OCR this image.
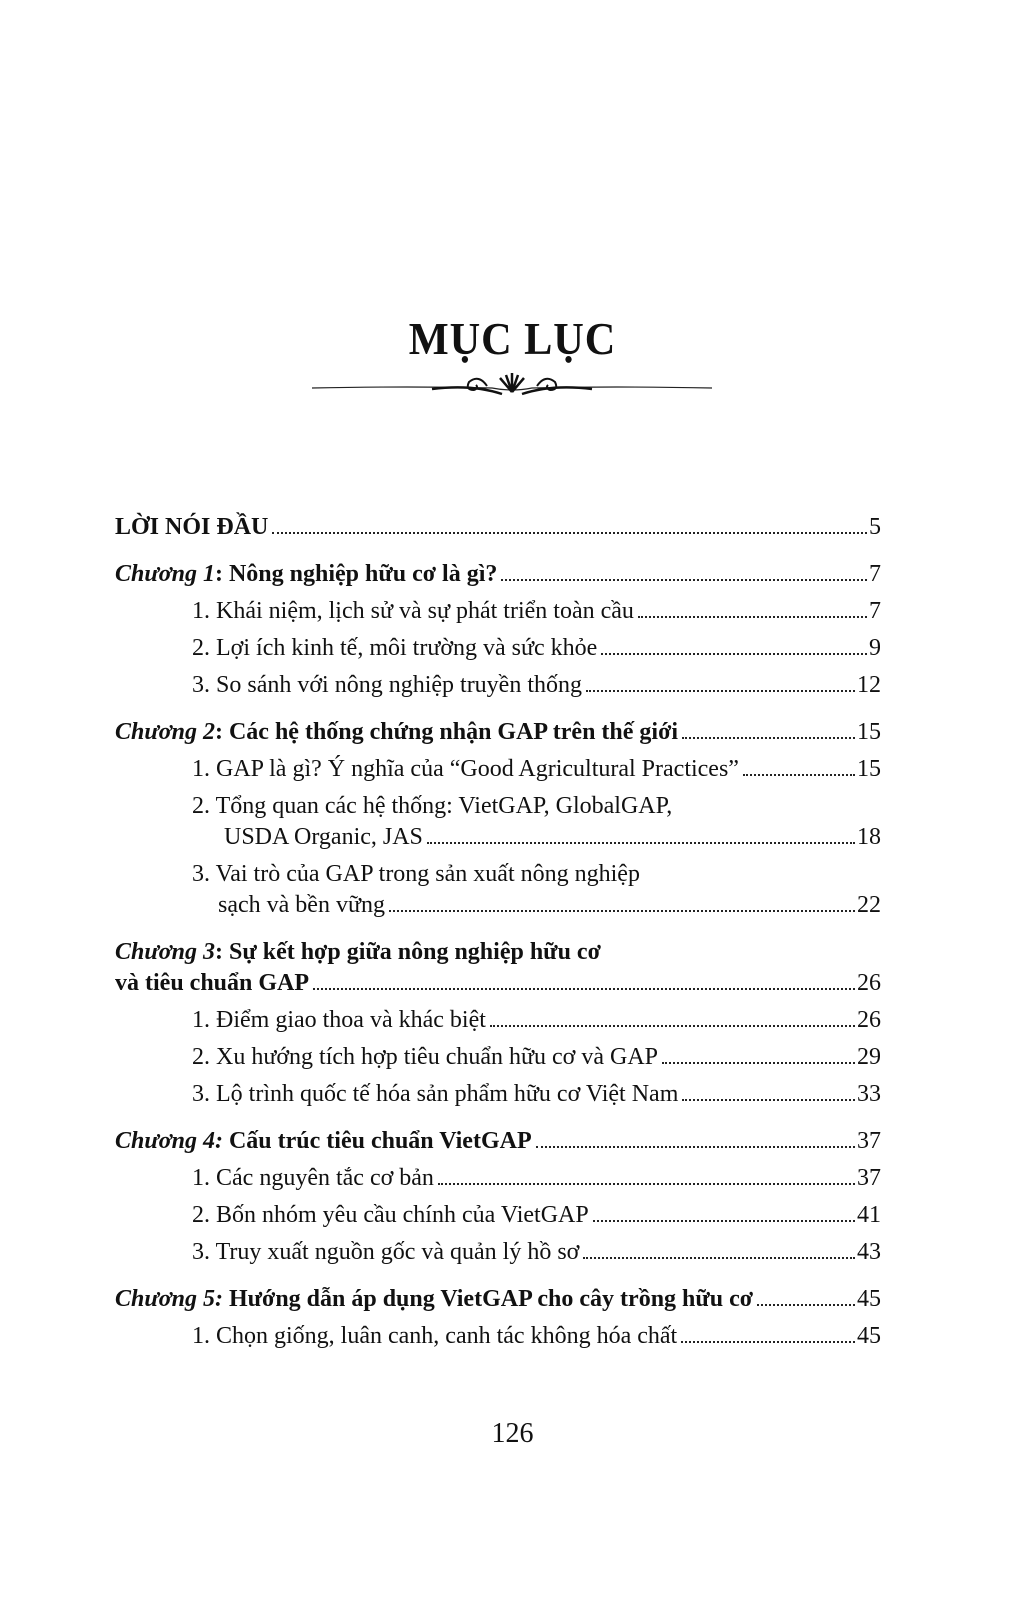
MỤC LỤC
LỜI NÓI ĐẦU	5
Chương 1 : Nông nghiệp hữu cơ là gì?	7
1. Khái niệm, lịch sử và sự phát triển toàn cầu	7
2. Lợi ích kinh tế, môi trường và sức khỏe	9
3. So sánh với nông nghiệp truyền thống	12
Chương 2 : Các hệ thống chứng nhận GAP trên thế giới	15
1. GAP là gì? Ý nghĩa của “Good Agricultural Practices”	15
2. Tổng quan các hệ thống: VietGAP, GlobalGAP,
USDA Organic, JAS	18
3. Vai trò của GAP trong sản xuất nông nghiệp
sạch và bền vững	22
Chương 3 : Sự kết hợp giữa nông nghiệp hữu cơ
và tiêu chuẩn GAP	26
1. Điểm giao thoa và khác biệt	26
2. Xu hướng tích hợp tiêu chuẩn hữu cơ và GAP	29
3. Lộ trình quốc tế hóa sản phẩm hữu cơ Việt Nam	33
Chương 4:
Cấu trúc tiêu chuẩn VietGAP	37
1. Các nguyên tắc cơ bản	37
2. Bốn nhóm yêu cầu chính của VietGAP	41
3. Truy xuất nguồn gốc và quản lý hồ sơ	43
Chương 5:
Hướng dẫn áp dụng VietGAP cho cây trồng hữu cơ	45
1. Chọn giống, luân canh, canh tác không hóa chất	45
126
